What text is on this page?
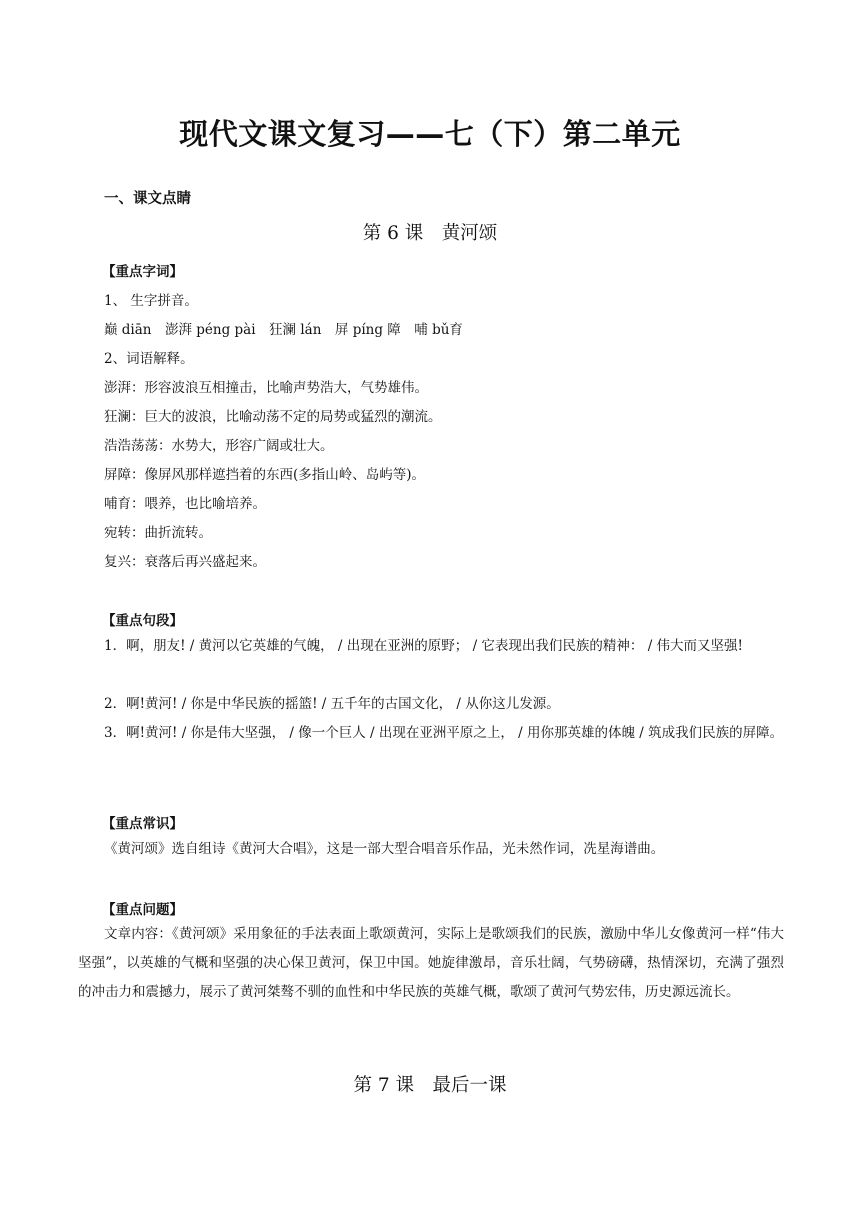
现代文课文复习——七（下）第二单元
一、课文点睛
第 6 课　黄河颂
【重点字词】
1、 生字拼音。
巅 diān　澎湃 péng pài　狂澜 lán　屏 píng 障　哺 bǔ育
2、词语解释。
澎湃：形容波浪互相撞击，比喻声势浩大，气势雄伟。
狂澜：巨大的波浪，比喻动荡不定的局势或猛烈的潮流。
浩浩荡荡：水势大，形容广阔或壮大。
屏障：像屏风那样遮挡着的东西(多指山岭、岛屿等)。
哺育：喂养，也比喻培养。
宛转：曲折流转。
复兴：衰落后再兴盛起来。
【重点句段】

1．啊，朋友! / 黄河以它英雄的气魄， / 出现在亚洲的原野； / 它表现出我们民族的精神： / 伟大而又坚强!

2．啊!黄河! / 你是中华民族的摇篮! / 五千年的古国文化， / 从你这儿发源。

3．啊!黄河! / 你是伟大坚强， / 像一个巨人 / 出现在亚洲平原之上， / 用你那英雄的体魄 / 筑成我们民族的屏障。

【重点常识】

《黄河颂》选自组诗《黄河大合唱》，这是一部大型合唱音乐作品，光未然作词，冼星海谱曲。

【重点问题】

文章内容：《黄河颂》采用象征的手法表面上歌颂黄河，实际上是歌颂我们的民族，激励中华儿女像黄河一样“伟大坚强”，以英雄的气概和坚强的决心保卫黄河，保卫中国。她旋律激昂，音乐壮阔，气势磅礴，热情深切，充满了强烈的冲击力和震撼力，展示了黄河桀骜不驯的血性和中华民族的英雄气概，歌颂了黄河气势宏伟，历史源远流长。

第 7 课　最后一课
